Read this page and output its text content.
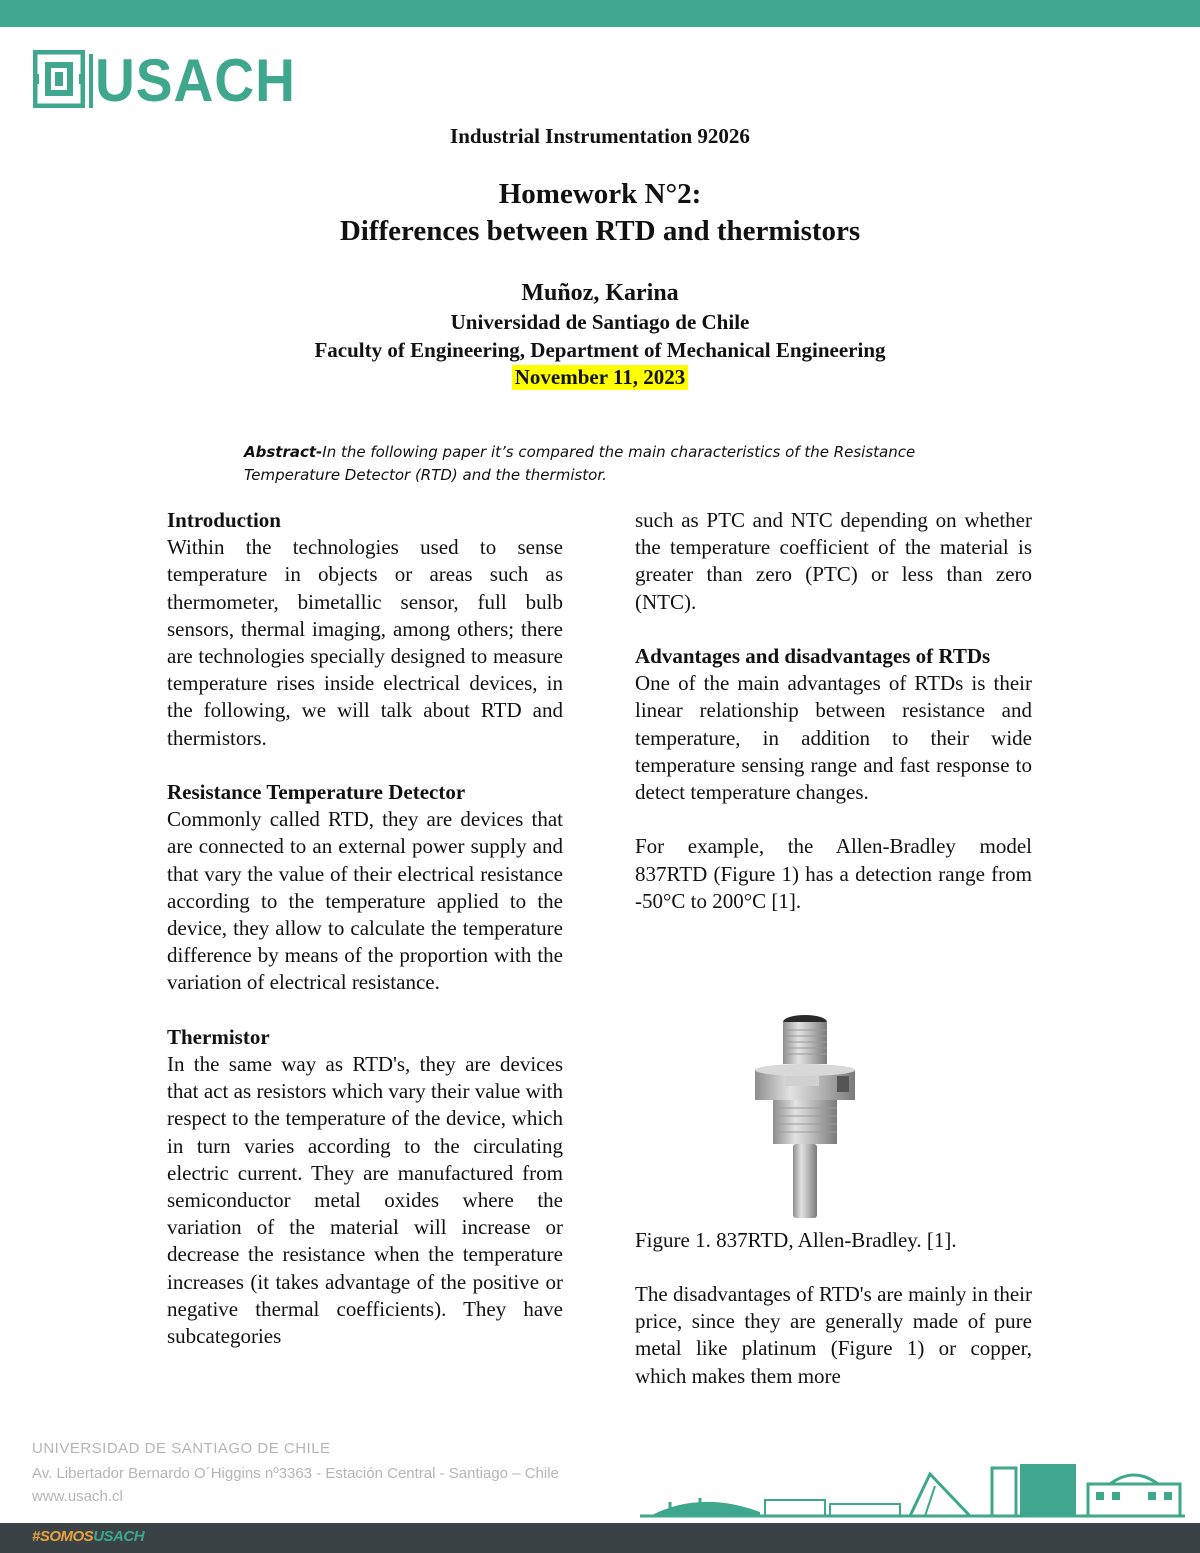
USACH
Industrial Instrumentation 92026
Homework N°2:
Differences between RTD and thermistors
Muñoz, Karina
Universidad de Santiago de Chile
Faculty of Engineering, Department of Mechanical Engineering
November 11, 2023
Abstract-In the following paper it’s compared the main characteristics of the Resistance Temperature Detector (RTD) and the thermistor.
Introduction

Within the technologies used to sense temperature in objects or areas such as thermometer, bimetallic sensor, full bulb sensors, thermal imaging, among others; there are technologies specially designed to measure temperature rises inside electrical devices, in the following, we will talk about RTD and thermistors.

Resistance Temperature Detector

Commonly called RTD, they are devices that are connected to an external power supply and that vary the value of their electrical resistance according to the temperature applied to the device, they allow to calculate the temperature difference by means of the proportion with the variation of electrical resistance.

Thermistor

In the same way as RTD's, they are devices that act as resistors which vary their value with respect to the temperature of the device, which in turn varies according to the circulating electric current. They are manufactured from semiconductor metal oxides where the variation of the material will increase or decrease the resistance when the temperature increases (it takes advantage of the positive or negative thermal coefficients). They have subcategories

such as PTC and NTC depending on whether the temperature coefficient of the material is greater than zero (PTC) or less than zero (NTC).

Advantages and disadvantages of RTDs

One of the main advantages of RTDs is their linear relationship between resistance and temperature, in addition to their wide temperature sensing range and fast response to detect temperature changes.

For example, the Allen-Bradley model 837RTD (Figure 1) has a detection range from -50°C to 200°C [1].

Figure 1. 837RTD, Allen-Bradley. [1].

The disadvantages of RTD's are mainly in their price, since they are generally made of pure metal like platinum (Figure 1) or copper, which makes them more

UNIVERSIDAD DE SANTIAGO DE CHILE
Av. Libertador Bernardo O´Higgins nº3363 - Estación Central - Santiago – Chile
www.usach.cl
#SOMOSUSACH
